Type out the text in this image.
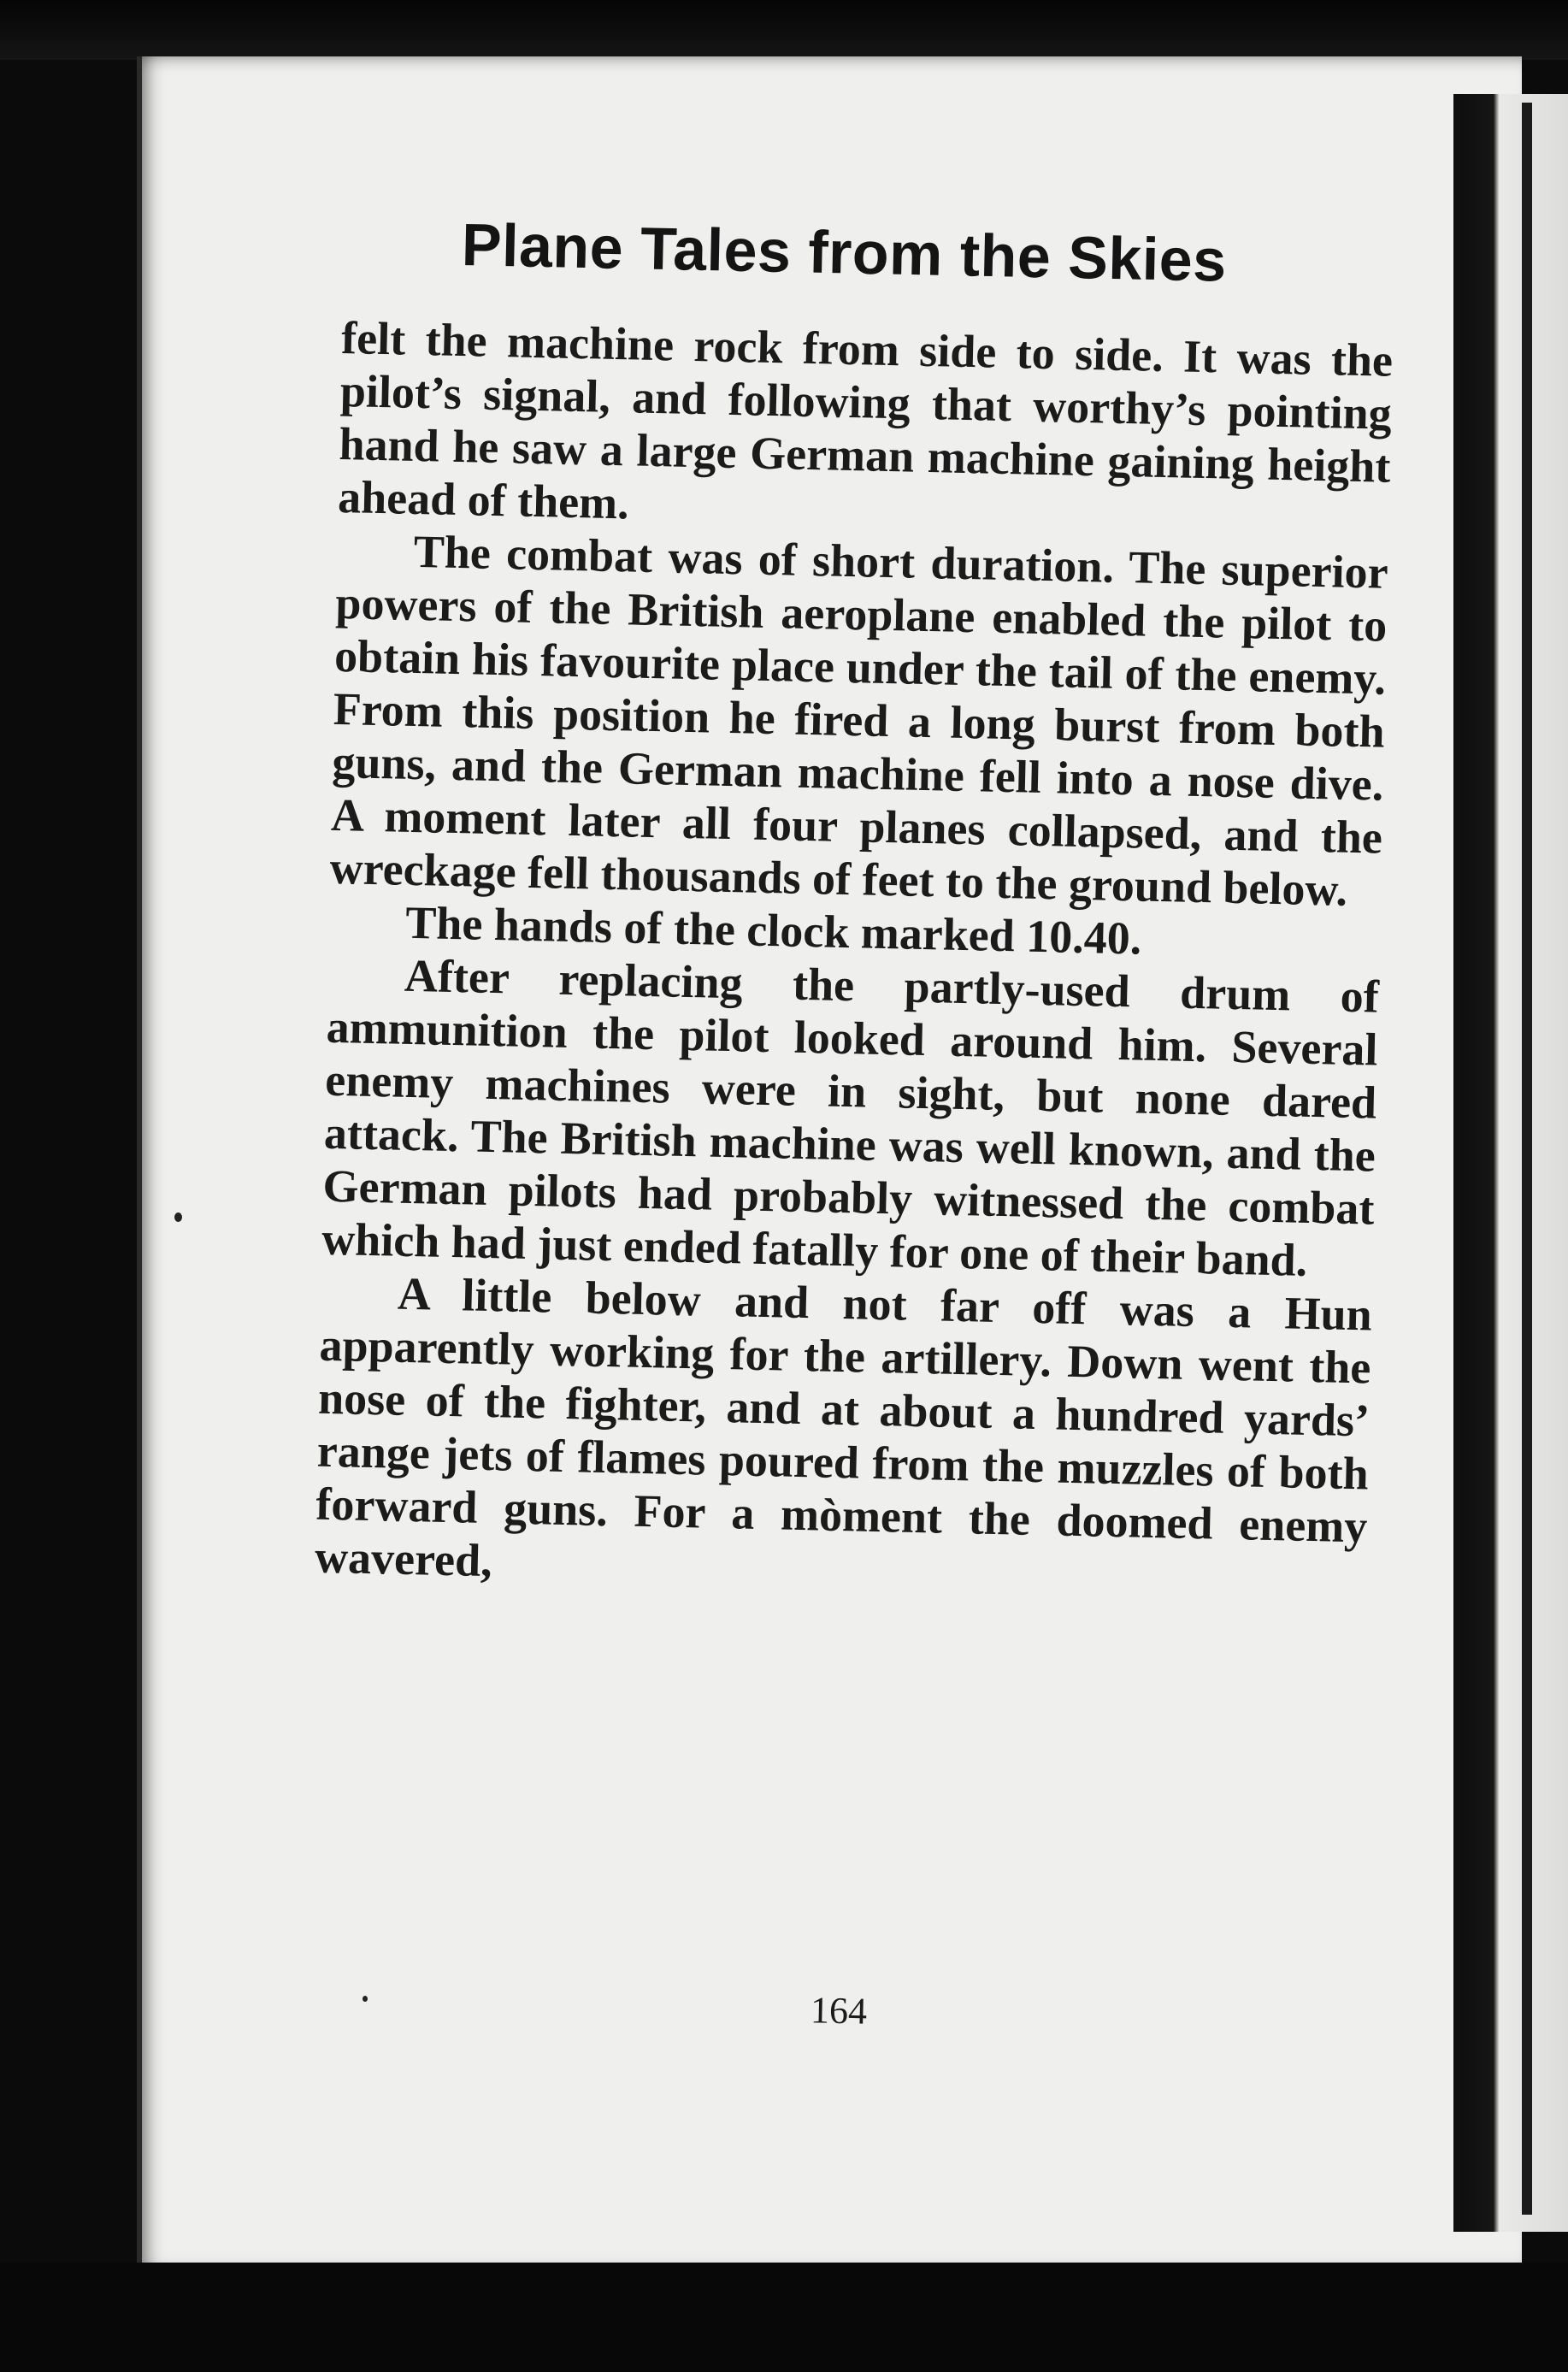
Plane Tales from the Skies

felt the machine rock from side to side. It was the pilot’s signal, and following that worthy’s pointing hand he saw a large German machine gaining height ahead of them.

The combat was of short duration. The superior powers of the British aeroplane enabled the pilot to obtain his favourite place under the tail of the enemy. From this position he fired a long burst from both guns, and the German machine fell into a nose dive. A moment later all four planes collapsed, and the wreckage fell thousands of feet to the ground below.

The hands of the clock marked 10.40.

After replacing the partly-used drum of ammunition the pilot looked around him. Several enemy machines were in sight, but none dared attack. The British machine was well known, and the German pilots had probably witnessed the combat which had just ended fatally for one of their band.

A little below and not far off was a Hun apparently working for the artillery. Down went the nose of the fighter, and at about a hundred yards’ range jets of flames poured from the muzzles of both forward guns. For a mòment the doomed enemy wavered,

164
